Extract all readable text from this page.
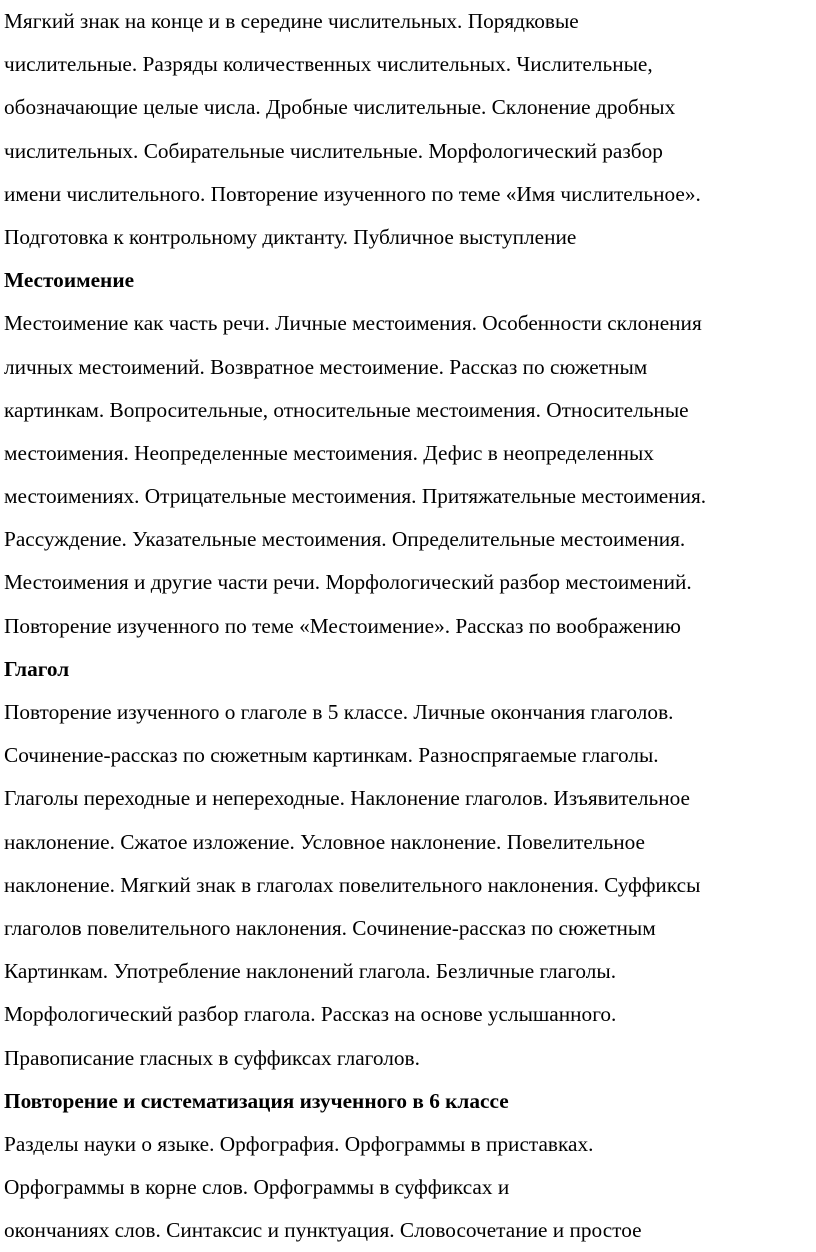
Мягкий знак на конце и в середине числительных. Порядковые
числительные. Разряды количественных числительных. Числительные,
обозначающие целые числа. Дробные числительные. Склонение дробных
числительных. Собирательные числительные. Морфологический разбор
имени числительного. Повторение изученного по теме «Имя числительное».
Подготовка к контрольному диктанту. Публичное выступление
Местоимение
Местоимение как часть речи. Личные местоимения. Особенности склонения
личных местоимений. Возвратное местоимение. Рассказ по сюжетным
картинкам. Вопросительные, относительные местоимения. Относительные
местоимения. Неопределенные местоимения. Дефис в неопределенных
местоимениях. Отрицательные местоимения. Притяжательные местоимения.
Рассуждение. Указательные местоимения. Определительные местоимения.
Местоимения и другие части речи. Морфологический разбор местоимений.
Повторение изученного по теме «Местоимение». Рассказ по воображению
Глагол
Повторение изученного о глаголе в 5 классе. Личные окончания глаголов.
Сочинение-рассказ по сюжетным картинкам. Разноспрягаемые глаголы.
Глаголы переходные и непереходные. Наклонение глаголов. Изъявительное
наклонение. Сжатое изложение. Условное наклонение. Повелительное
наклонение. Мягкий знак в глаголах повелительного наклонения. Суффиксы
глаголов повелительного наклонения. Сочинение-рассказ по сюжетным
Картинкам. Употребление наклонений глагола. Безличные глаголы.
Морфологический разбор глагола. Рассказ на основе услышанного.
Правописание гласных в суффиксах глаголов.
Повторение и систематизация изученного в 6 классе
Разделы науки о языке. Орфография. Орфограммы в приставках.
Орфограммы в корне слов. Орфограммы в суффиксах и
окончаниях слов. Синтаксис и пунктуация. Словосочетание и простое
